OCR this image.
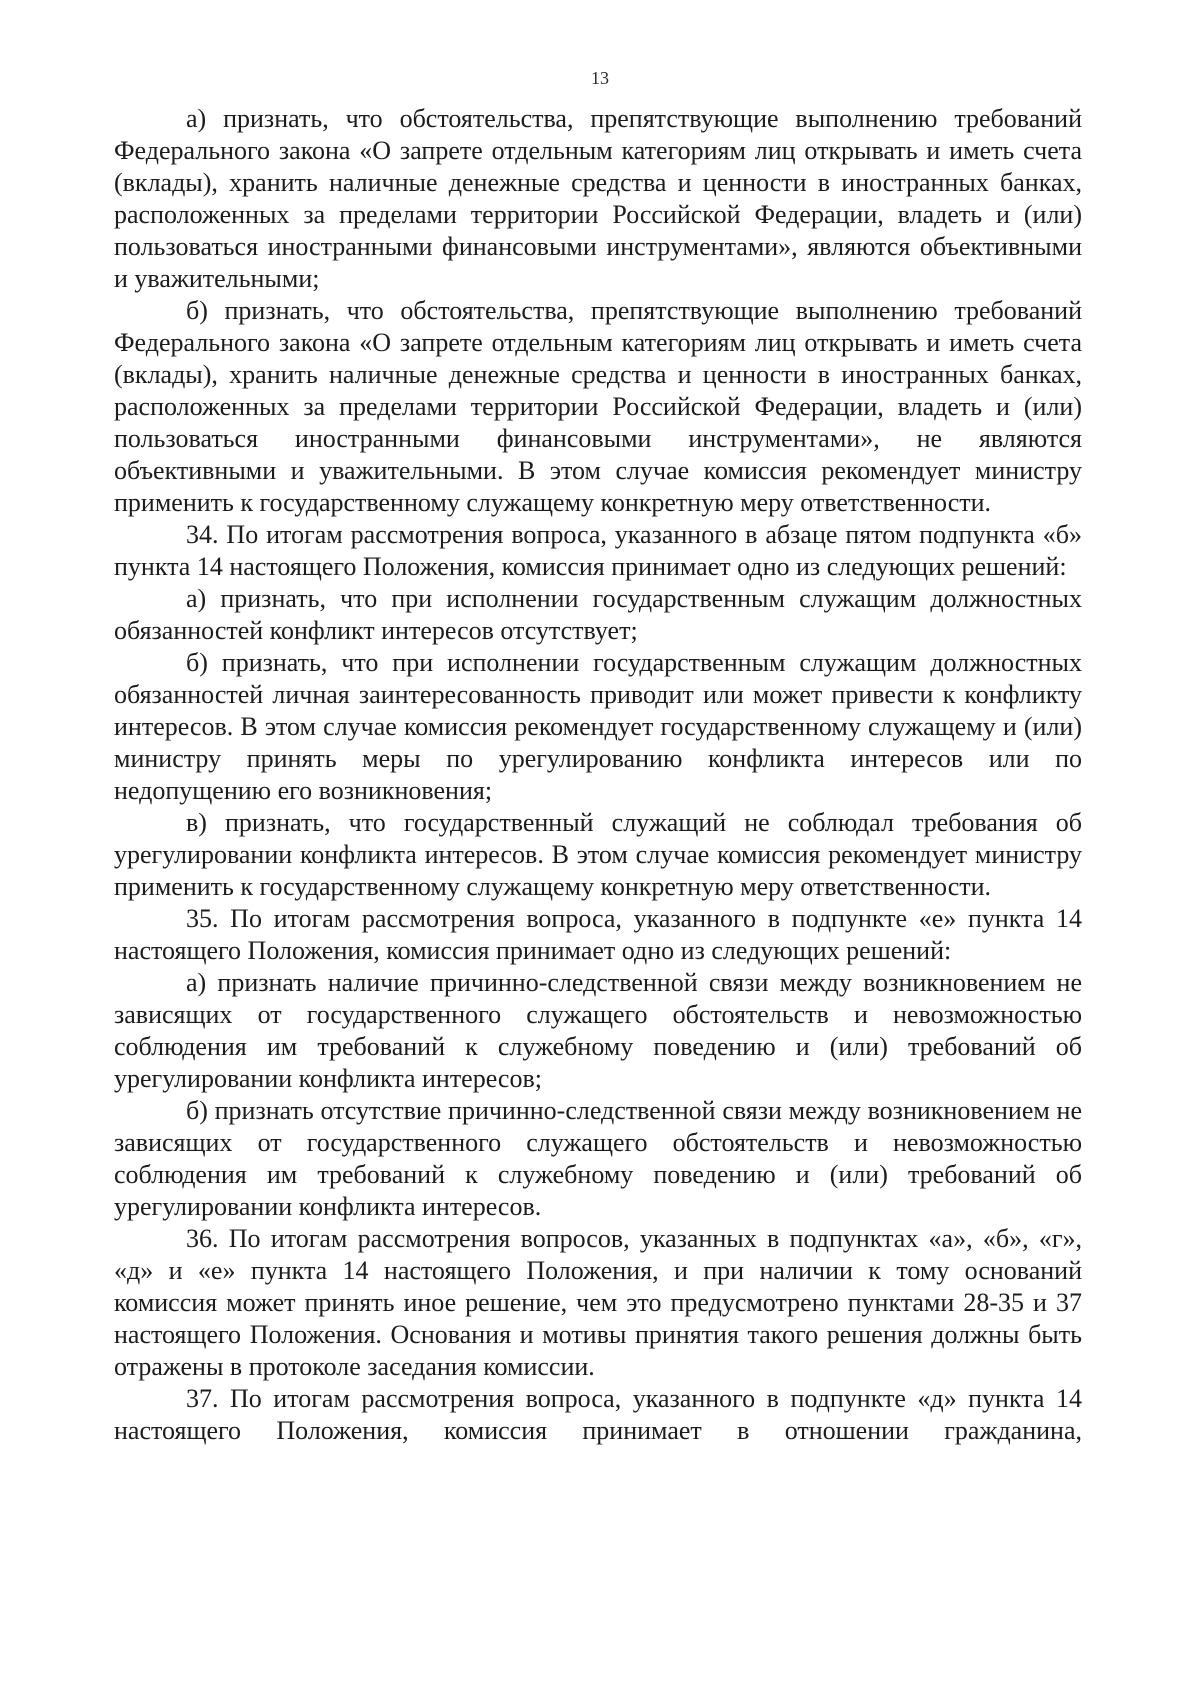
13

а) признать, что обстоятельства, препятствующие выполнению требований Федерального закона «О запрете отдельным категориям лиц открывать и иметь счета (вклады), хранить наличные денежные средства и ценности в иностранных банках, расположенных за пределами территории Российской Федерации, владеть и (или) пользоваться иностранными финансовыми инструментами», являются объективными и уважительными;

б) признать, что обстоятельства, препятствующие выполнению требований Федерального закона «О запрете отдельным категориям лиц открывать и иметь счета (вклады), хранить наличные денежные средства и ценности в иностранных банках, расположенных за пределами территории Российской Федерации, владеть и (или) пользоваться иностранными финансовыми инструментами», не являются объективными и уважительными. В этом случае комиссия рекомендует министру применить к государственному служащему конкретную меру ответственности.

34. По итогам рассмотрения вопроса, указанного в абзаце пятом подпункта «б» пункта 14 настоящего Положения, комиссия принимает одно из следующих решений:

а) признать, что при исполнении государственным служащим должностных обязанностей конфликт интересов отсутствует;

б) признать, что при исполнении государственным служащим должностных обязанностей личная заинтересованность приводит или может привести к конфликту интересов. В этом случае комиссия рекомендует государственному служащему и (или) министру принять меры по урегулированию конфликта интересов или по недопущению его возникновения;

в) признать, что государственный служащий не соблюдал требования об урегулировании конфликта интересов. В этом случае комиссия рекомендует министру применить к государственному служащему конкретную меру ответственности.

35. По итогам рассмотрения вопроса, указанного в подпункте «е» пункта 14 настоящего Положения, комиссия принимает одно из следующих решений:

а) признать наличие причинно-следственной связи между возникновением не зависящих от государственного служащего обстоятельств и невозможностью соблюдения им требований к служебному поведению и (или) требований об урегулировании конфликта интересов;

б) признать отсутствие причинно-следственной связи между возникновением не зависящих от государственного служащего обстоятельств и невозможностью соблюдения им требований к служебному поведению и (или) требований об урегулировании конфликта интересов.

36. По итогам рассмотрения вопросов, указанных в подпунктах «а», «б», «г», «д» и «е» пункта 14 настоящего Положения, и при наличии к тому оснований комиссия может принять иное решение, чем это предусмотрено пунктами 28-35 и 37 настоящего Положения. Основания и мотивы принятия такого решения должны быть отражены в протоколе заседания комиссии.

37. По итогам рассмотрения вопроса, указанного в подпункте «д» пункта 14 настоящего Положения, комиссия принимает в отношении гражданина,
